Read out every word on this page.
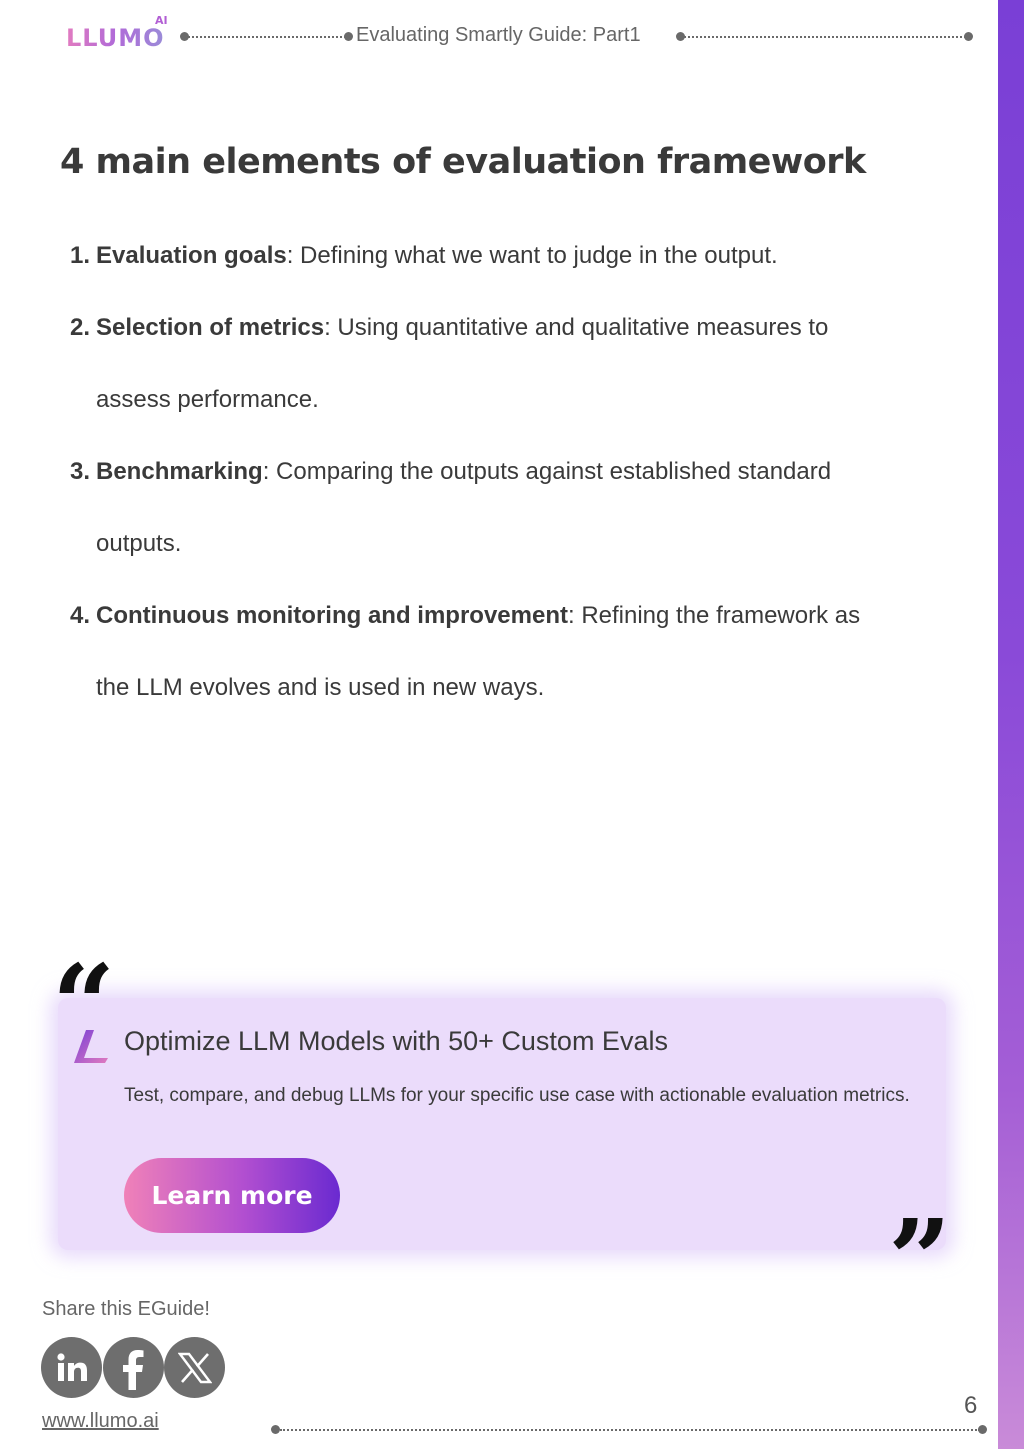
LLUMO
AI
Evaluating Smartly Guide: Part1
4 main elements of evaluation framework
1. Evaluation goals: Defining what we want to judge in the output.
2. Selection of metrics: Using quantitative and qualitative measures to
assess performance.
3. Benchmarking: Comparing the outputs against established standard
outputs.
4. Continuous monitoring and improvement: Refining the framework as
the LLM evolves and is used in new ways.
Optimize LLM Models with 50+ Custom Evals
Test, compare, and debug LLMs for your specific use case with actionable evaluation metrics.
Learn more
“
”
Share this EGuide!
www.llumo.ai
6
